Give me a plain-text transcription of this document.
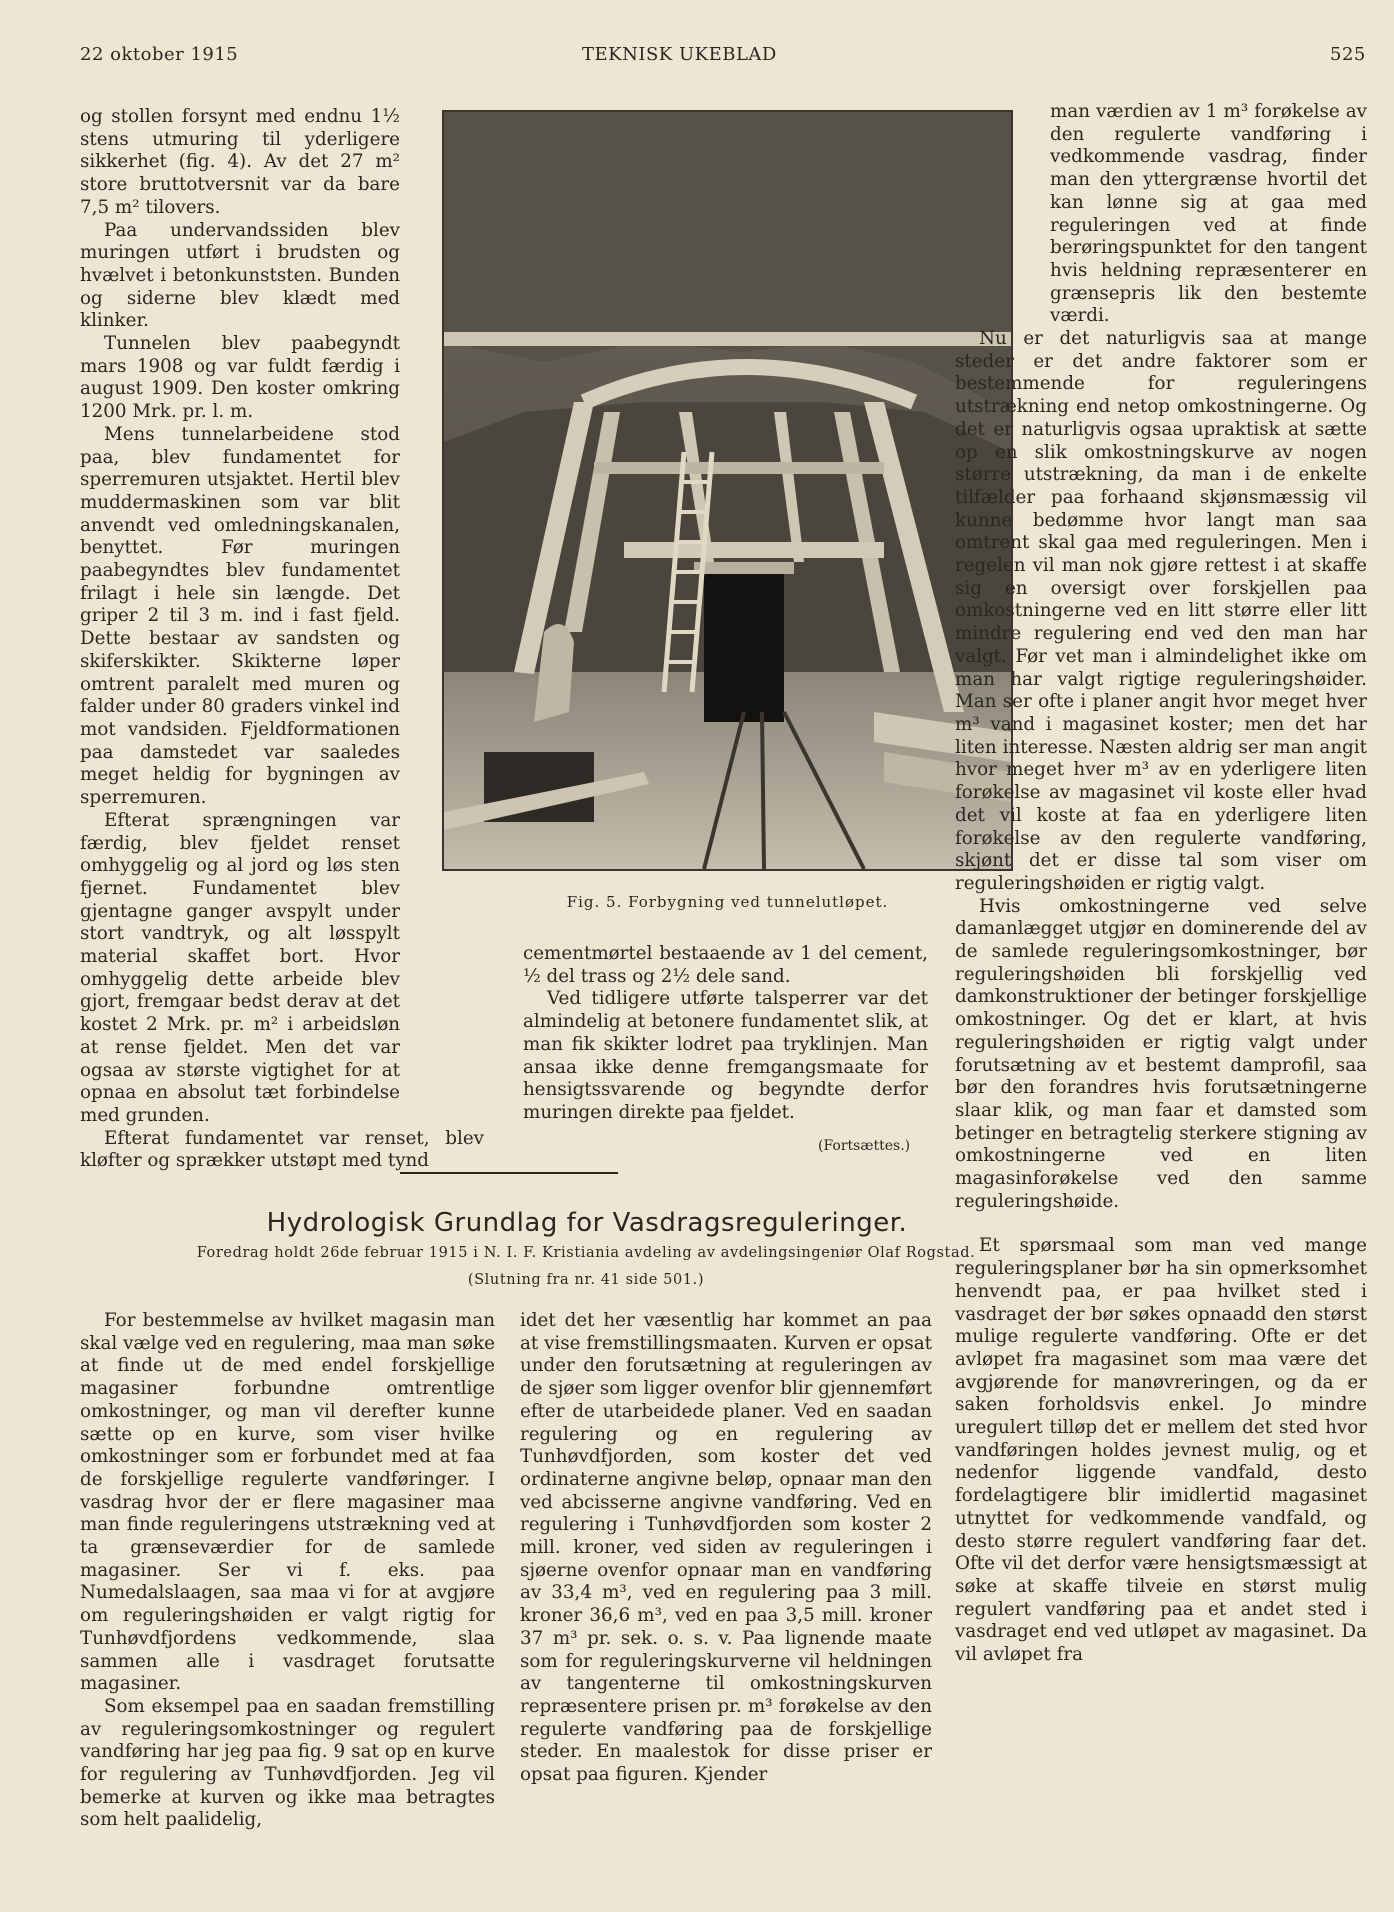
22 oktober 1915	TEKNISK UKEBLAD	525

og stollen forsynt med endnu 1½ stens utmuring til yderligere sikkerhet (fig. 4). Av det 27 m² store bruttotversnit var da bare 7,5 m² tilovers.

Paa undervandssiden blev muringen utført i brudsten og hvælvet i betonkunststen. Bunden og siderne blev klædt med klinker.

Tunnelen blev paabegyndt mars 1908 og var fuldt færdig i august 1909. Den koster omkring 1200 Mrk. pr. l. m.

Mens tunnelarbeidene stod paa, blev fundamentet for sperremuren utsjaktet. Hertil blev muddermaskinen som var blit anvendt ved omledningskanalen, benyttet. Før muringen paabegyndtes blev fundamentet frilagt i hele sin længde. Det griper 2 til 3 m. ind i fast fjeld. Dette bestaar av sandsten og skiferskikter. Skikterne løper omtrent paralelt med muren og falder under 80 graders vinkel ind mot vandsiden. Fjeldformationen paa damstedet var saaledes meget heldig for bygningen av sperremuren.

Efterat sprængningen var færdig, blev fjeldet renset omhyggelig og al jord og løs sten fjernet. Fundamentet blev gjentagne ganger avspylt under stort vandtryk, og alt løsspylt material skaffet bort. Hvor omhyggelig dette arbeide blev gjort, fremgaar bedst derav at det kostet 2 Mrk. pr. m² i arbeidsløn at rense fjeldet. Men det var ogsaa av største vigtighet for at opnaa en absolut tæt forbindelse med grunden.

Efterat fundamentet var renset, blev kløfter og sprækker utstøpt med tynd

Fig. 5. Forbygning ved tunnelutløpet.

cementmørtel bestaaende av 1 del cement, ½ del trass og 2½ dele sand.

Ved tidligere utførte talsperrer var det almindelig at betonere fundamentet slik, at man fik skikter lodret paa tryklinjen. Man ansaa ikke denne fremgangsmaate for hensigtssvarende og begyndte derfor muringen direkte paa fjeldet.

(Fortsættes.)
Hydrologisk Grundlag for Vasdragsreguleringer.
Foredrag holdt 26de februar 1915 i N. I. F. Kristiania avdeling av avdelingsingeniør Olaf Rogstad.
(Slutning fra nr. 41 side 501.)

For bestemmelse av hvilket magasin man skal vælge ved en regulering, maa man søke at finde ut de med endel forskjellige magasiner forbundne omtrentlige omkostninger, og man vil derefter kunne sætte op en kurve, som viser hvilke omkostninger som er forbundet med at faa de forskjellige regulerte vandføringer. I vasdrag hvor der er flere magasiner maa man finde reguleringens utstrækning ved at ta grænseværdier for de samlede magasiner. Ser vi f. eks. paa Numedalslaagen, saa maa vi for at avgjøre om reguleringshøiden er valgt rigtig for Tunhøvdfjordens vedkommende, slaa sammen alle i vasdraget forutsatte magasiner.

Som eksempel paa en saadan fremstilling av reguleringsomkostninger og regulert vandføring har jeg paa fig. 9 sat op en kurve for regulering av Tunhøvdfjorden. Jeg vil bemerke at kurven og ikke maa betragtes som helt paalidelig,

idet det her væsentlig har kommet an paa at vise fremstillingsmaaten. Kurven er opsat under den forutsætning at reguleringen av de sjøer som ligger ovenfor blir gjennemført efter de utarbeidede planer. Ved en saadan regulering og en regulering av Tunhøvdfjorden, som koster det ved ordinaterne angivne beløp, opnaar man den ved abcisserne angivne vandføring. Ved en regulering i Tunhøvdfjorden som koster 2 mill. kroner, ved siden av reguleringen i sjøerne ovenfor opnaar man en vandføring av 33,4 m³, ved en regulering paa 3 mill. kroner 36,6 m³, ved en paa 3,5 mill. kroner 37 m³ pr. sek. o. s. v. Paa lignende maate som for reguleringskurverne vil heldningen av tangenterne til omkostningskurven repræsentere prisen pr. m³ forøkelse av den regulerte vandføring paa de forskjellige steder. En maalestok for disse priser er opsat paa figuren. Kjender

man værdien av 1 m³ forøkelse av den regulerte vandføring i vedkommende vasdrag, finder man den yttergrænse hvortil det kan lønne sig at gaa med reguleringen ved at finde berøringspunktet for den tangent hvis heldning repræsenterer en grænsepris lik den bestemte værdi.

Nu er det naturligvis saa at mange steder er det andre faktorer som er bestemmende for reguleringens utstrækning end netop omkostningerne. Og det er naturligvis ogsaa upraktisk at sætte op en slik omkostningskurve av nogen større utstrækning, da man i de enkelte tilfælder paa forhaand skjønsmæssig vil kunne bedømme hvor langt man saa omtrent skal gaa med reguleringen. Men i regelen vil man nok gjøre rettest i at skaffe sig en oversigt over forskjellen paa omkostningerne ved en litt større eller litt mindre regulering end ved den man har valgt. Før vet man i almindelighet ikke om man har valgt rigtige reguleringshøider. Man ser ofte i planer angit hvor meget hver m³ vand i magasinet koster; men det har liten interesse. Næsten aldrig ser man angit hvor meget hver m³ av en yderligere liten forøkelse av magasinet vil koste eller hvad det vil koste at faa en yderligere liten forøkelse av den regulerte vandføring, skjønt det er disse tal som viser om reguleringshøiden er rigtig valgt.

Hvis omkostningerne ved selve damanlægget utgjør en dominerende del av de samlede reguleringsomkostninger, bør reguleringshøiden bli forskjellig ved damkonstruktioner der betinger forskjellige omkostninger. Og det er klart, at hvis reguleringshøiden er rigtig valgt under forutsætning av et bestemt damprofil, saa bør den forandres hvis forutsætningerne slaar klik, og man faar et damsted som betinger en betragtelig sterkere stigning av omkostningerne ved en liten magasinforøkelse ved den samme reguleringshøide.

Et spørsmaal som man ved mange reguleringsplaner bør ha sin opmerksomhet henvendt paa, er paa hvilket sted i vasdraget der bør søkes opnaadd den størst mulige regulerte vandføring. Ofte er det avløpet fra magasinet som maa være det avgjørende for manøvreringen, og da er saken forholdsvis enkel. Jo mindre uregulert tilløp det er mellem det sted hvor vandføringen holdes jevnest mulig, og et nedenfor liggende vandfald, desto fordelagtigere blir imidlertid magasinet utnyttet for vedkommende vandfald, og desto større regulert vandføring faar det. Ofte vil det derfor være hensigtsmæssigt at søke at skaffe tilveie en størst mulig regulert vandføring paa et andet sted i vasdraget end ved utløpet av magasinet. Da vil avløpet fra
